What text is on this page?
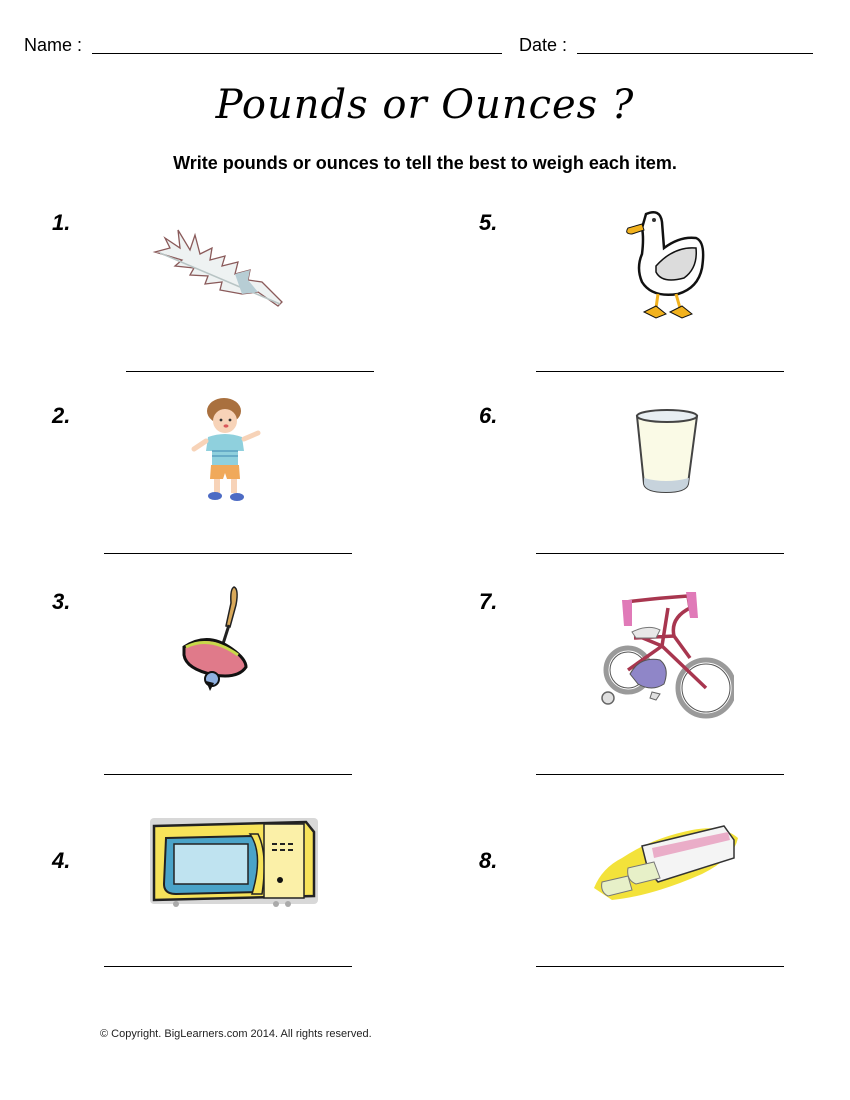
Name :	Date :
Pounds or Ounces ?
Write pounds or ounces to tell the best to weigh each item.
1.
2.
3.
4.
5.
6.
7.
8.
© Copyright. BigLearners.com 2014. All rights reserved.
